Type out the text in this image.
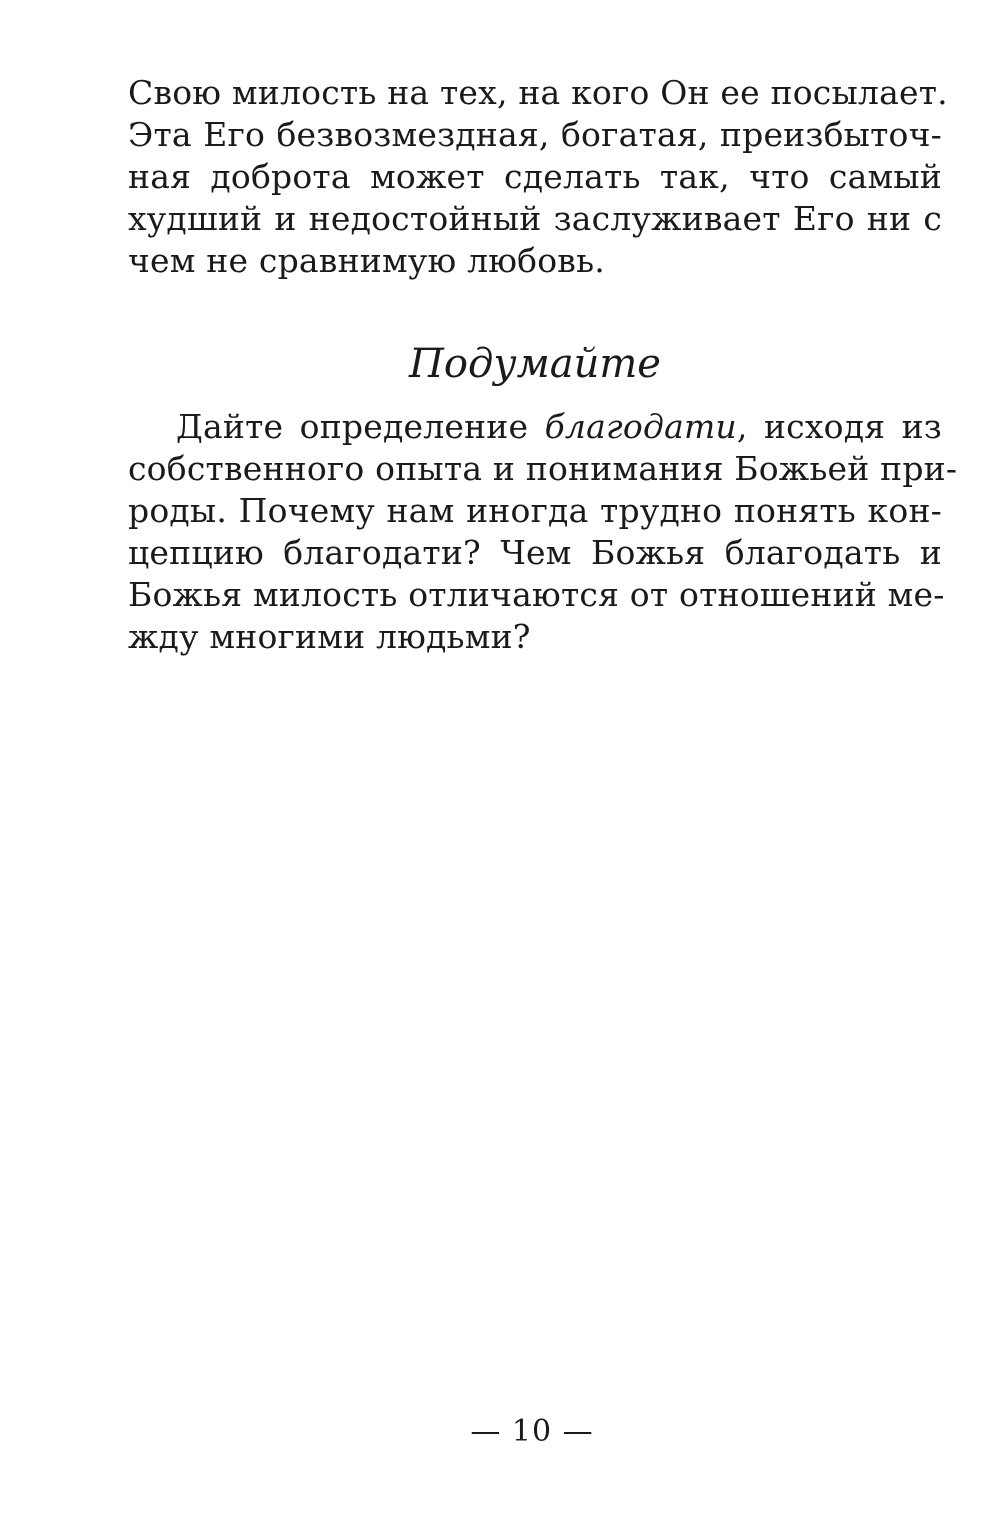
Свою милость на тех, на кого Он ее посылает.
Эта Его безвозмездная, богатая, преизбыточ-
ная доброта может сделать так, что самый
худший и недостойный заслуживает Его ни с
чем не сравнимую любовь.
Подумайте
Дайте определение благодати, исходя из
собственного опыта и понимания Божьей при-
роды. Почему нам иногда трудно понять кон-
цепцию благодати? Чем Божья благодать и
Божья милость отличаются от отношений ме-
жду многими людьми?
— 10 —
